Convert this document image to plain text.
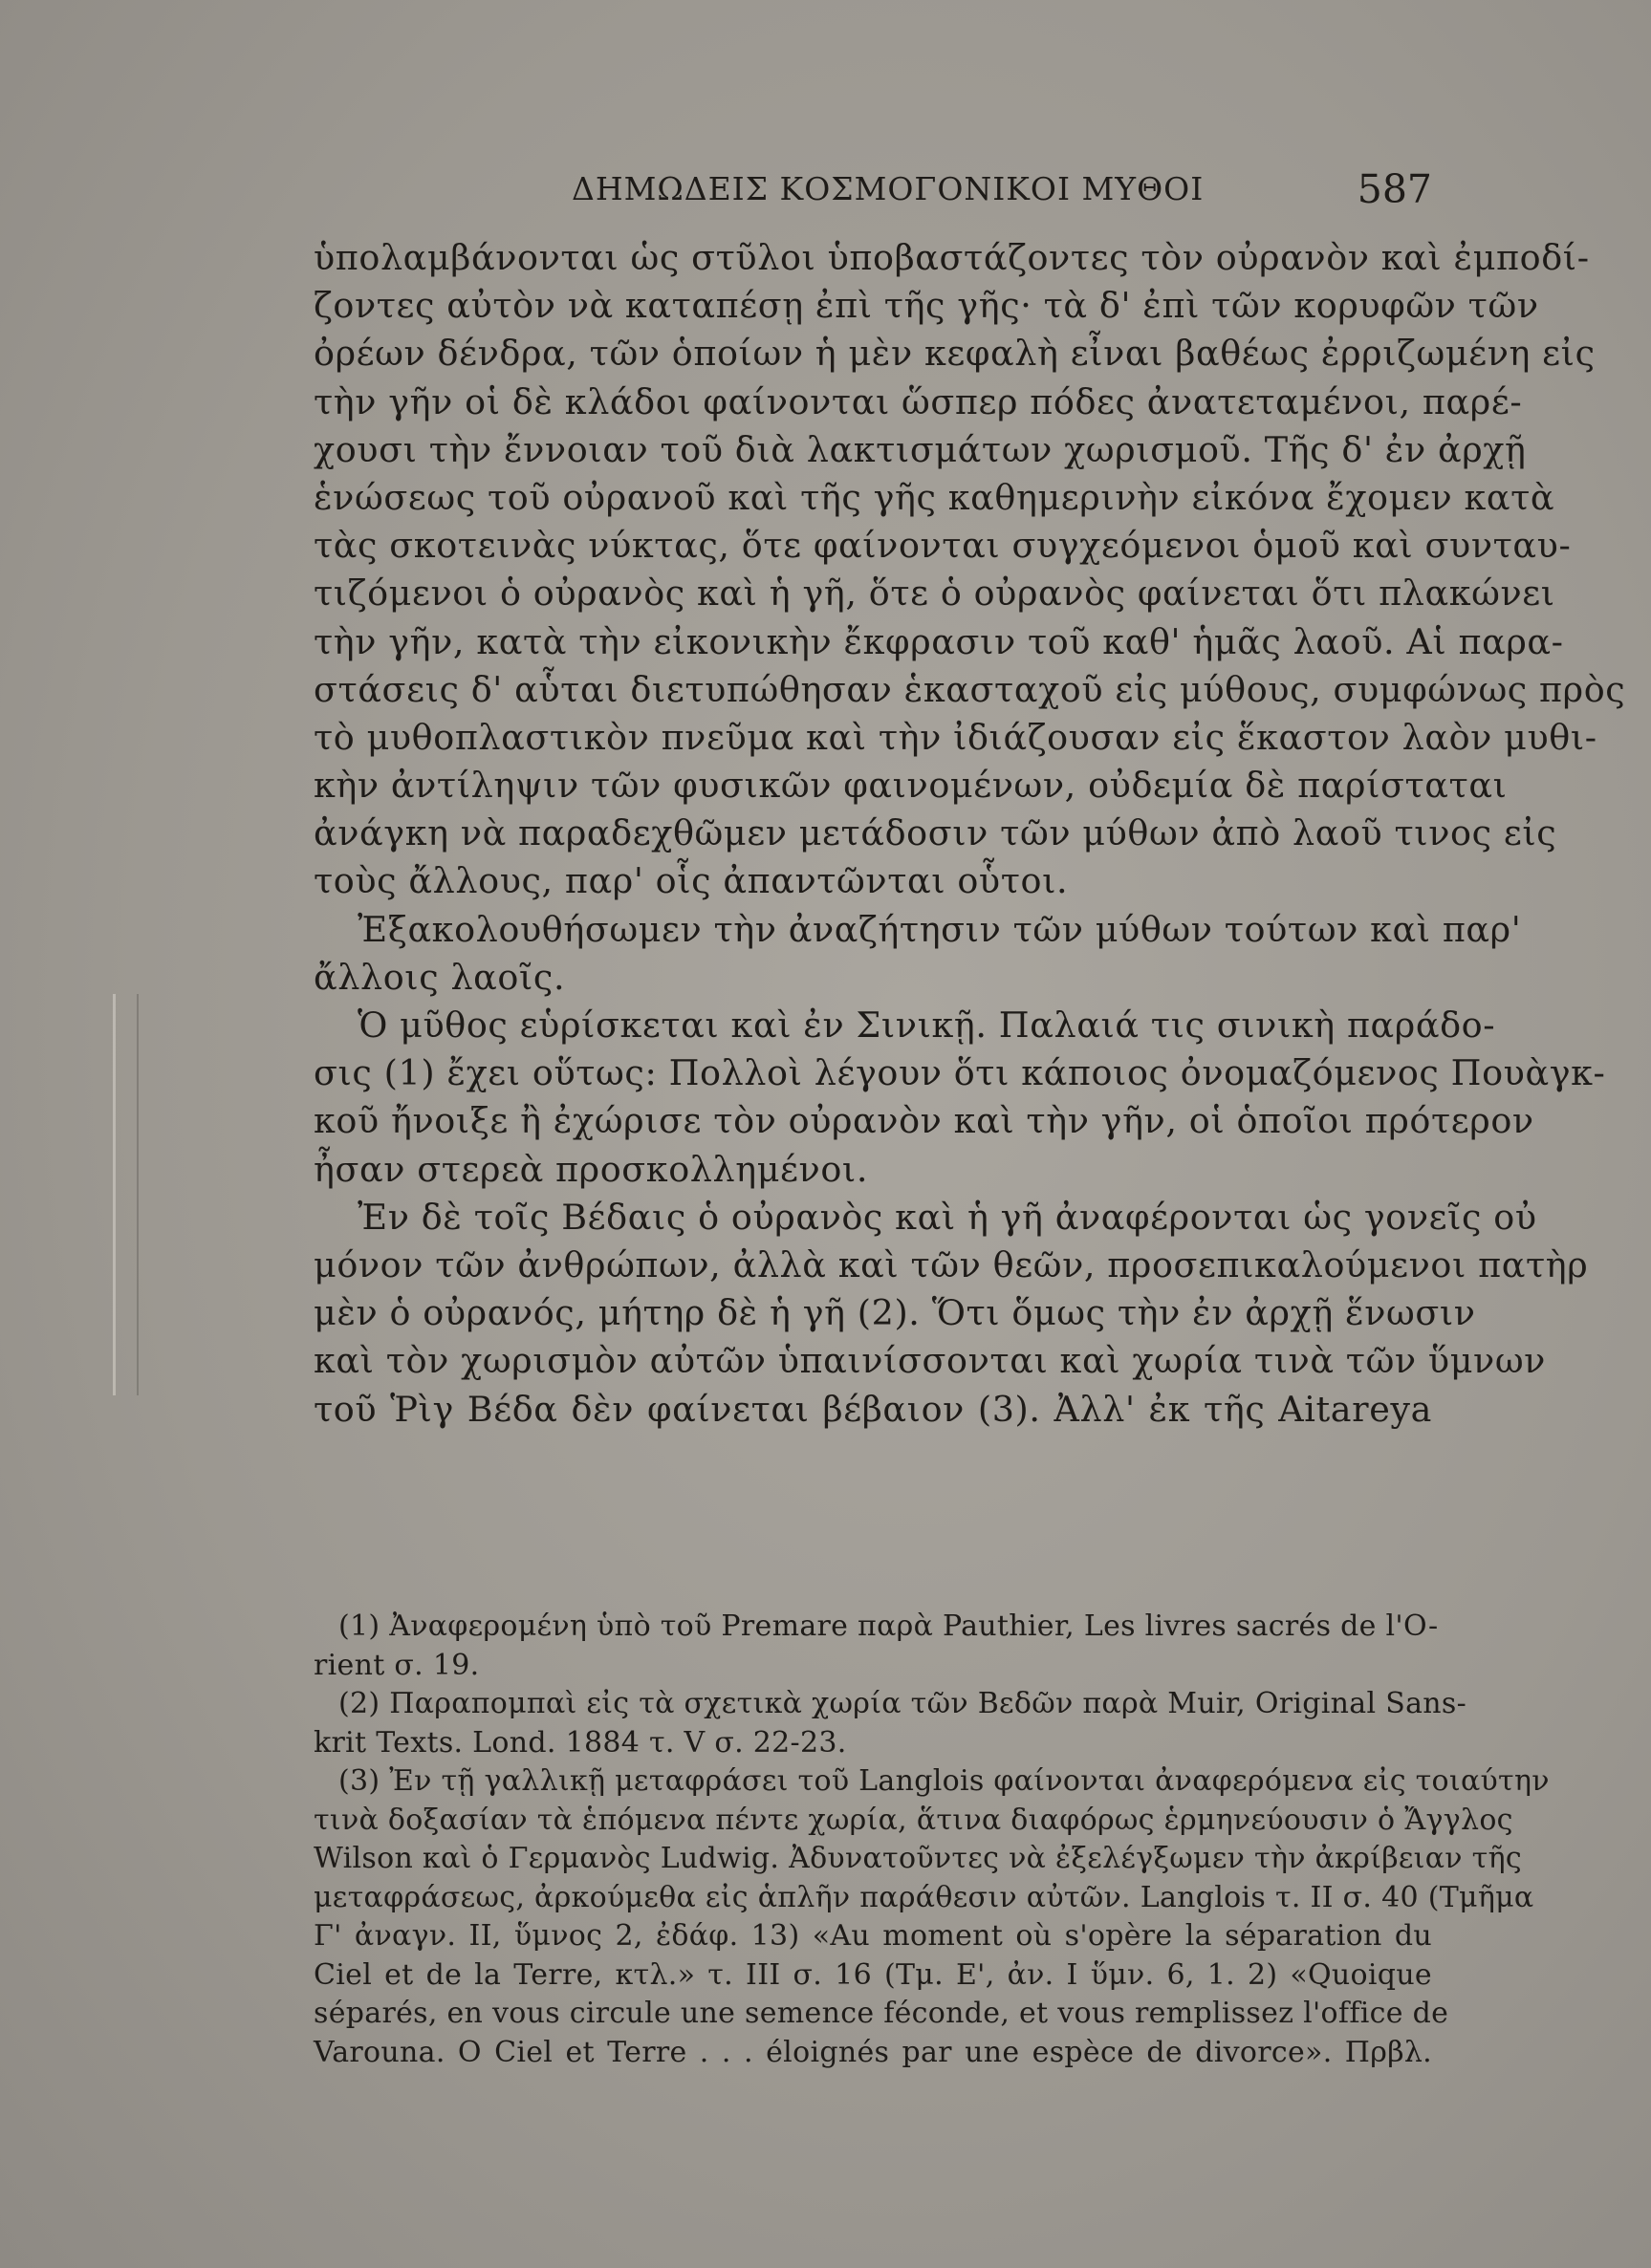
ΔΗΜΩΔΕΙΣ ΚΟΣΜΟΓΟΝΙΚΟΙ ΜΥΘΟΙ	587
ὑπολαμβάνονται ὡς στῦλοι ὑποβαστάζοντες τὸν οὐρανὸν καὶ ἐμποδί-
ζοντες αὐτὸν νὰ καταπέσῃ ἐπὶ τῆς γῆς· τὰ δ' ἐπὶ τῶν κορυφῶν τῶν
ὀρέων δένδρα, τῶν ὁποίων ἡ μὲν κεφαλὴ εἶναι βαθέως ἐρριζωμένη εἰς
τὴν γῆν οἱ δὲ κλάδοι φαίνονται ὥσπερ πόδες ἀνατεταμένοι, παρέ-
χουσι τὴν ἔννοιαν τοῦ διὰ λακτισμάτων χωρισμοῦ. Τῆς δ' ἐν ἀρχῇ
ἑνώσεως τοῦ οὐρανοῦ καὶ τῆς γῆς καθημερινὴν εἰκόνα ἔχομεν κατὰ
τὰς σκοτεινὰς νύκτας, ὅτε φαίνονται συγχεόμενοι ὁμοῦ καὶ συνταυ-
τιζόμενοι ὁ οὐρανὸς καὶ ἡ γῆ, ὅτε ὁ οὐρανὸς φαίνεται ὅτι πλακώνει
τὴν γῆν, κατὰ τὴν εἰκονικὴν ἔκφρασιν τοῦ καθ' ἡμᾶς λαοῦ. Αἱ παρα-
στάσεις δ' αὗται διετυπώθησαν ἑκασταχοῦ εἰς μύθους, συμφώνως πρὸς
τὸ μυθοπλαστικὸν πνεῦμα καὶ τὴν ἰδιάζουσαν εἰς ἕκαστον λαὸν μυθι-
κὴν ἀντίληψιν τῶν φυσικῶν φαινομένων, οὐδεμία δὲ παρίσταται
ἀνάγκη νὰ παραδεχθῶμεν μετάδοσιν τῶν μύθων ἀπὸ λαοῦ τινος εἰς
τοὺς ἄλλους, παρ' οἷς ἀπαντῶνται οὗτοι.
Ἐξακολουθήσωμεν τὴν ἀναζήτησιν τῶν μύθων τούτων καὶ παρ'
ἄλλοις λαοῖς.
Ὁ μῦθος εὑρίσκεται καὶ ἐν Σινικῇ. Παλαιά τις σινικὴ παράδο-
σις (1) ἔχει οὕτως: Πολλοὶ λέγουν ὅτι κάποιος ὀνομαζόμενος Πουὰγκ-
κοῦ ἤνοιξε ἢ ἐχώρισε τὸν οὐρανὸν καὶ τὴν γῆν, οἱ ὁποῖοι πρότερον
ἦσαν στερεὰ προσκολλημένοι.
Ἐν δὲ τοῖς Βέδαις ὁ οὐρανὸς καὶ ἡ γῆ ἀναφέρονται ὡς γονεῖς οὐ
μόνον τῶν ἀνθρώπων, ἀλλὰ καὶ τῶν θεῶν, προσεπικαλούμενοι πατὴρ
μὲν ὁ οὐρανός, μήτηρ δὲ ἡ γῆ (2). Ὅτι ὅμως τὴν ἐν ἀρχῇ ἕνωσιν
καὶ τὸν χωρισμὸν αὐτῶν ὑπαινίσσονται καὶ χωρία τινὰ τῶν ὕμνων
τοῦ Ῥὶγ Βέδα δὲν φαίνεται βέβαιον (3). Ἀλλ' ἐκ τῆς Aitareya
(1) Ἀναφερομένη ὑπὸ τοῦ Premare παρὰ Pauthier, Les livres sacrés de l'O-
rient σ. 19.
(2) Παραπομπαὶ εἰς τὰ σχετικὰ χωρία τῶν Βεδῶν παρὰ Muir, Original Sans-
krit Texts. Lond. 1884 τ. V σ. 22-23.
(3) Ἐν τῇ γαλλικῇ μεταφράσει τοῦ Langlois φαίνονται ἀναφερόμενα εἰς τοιαύτην
τινὰ δοξασίαν τὰ ἑπόμενα πέντε χωρία, ἅτινα διαφόρως ἑρμηνεύουσιν ὁ Ἄγγλος
Wilson καὶ ὁ Γερμανὸς Ludwig. Ἀδυνατοῦντες νὰ ἐξελέγξωμεν τὴν ἀκρίβειαν τῆς
μεταφράσεως, ἀρκούμεθα εἰς ἁπλῆν παράθεσιν αὐτῶν. Langlois τ. II σ. 40 (Τμῆμα
Γ' ἀναγν. II, ὕμνος 2, ἐδάφ. 13) «Au moment où s'opère la séparation du
Ciel et de la Terre, κτλ.» τ. III σ. 16 (Τμ. Ε', ἀν. I ὕμν. 6, 1. 2) «Quoique
séparés, en vous circule une semence féconde, et vous remplissez l'office de
Varouna. O Ciel et Terre . . . éloignés par une espèce de divorce». Πρβλ.
